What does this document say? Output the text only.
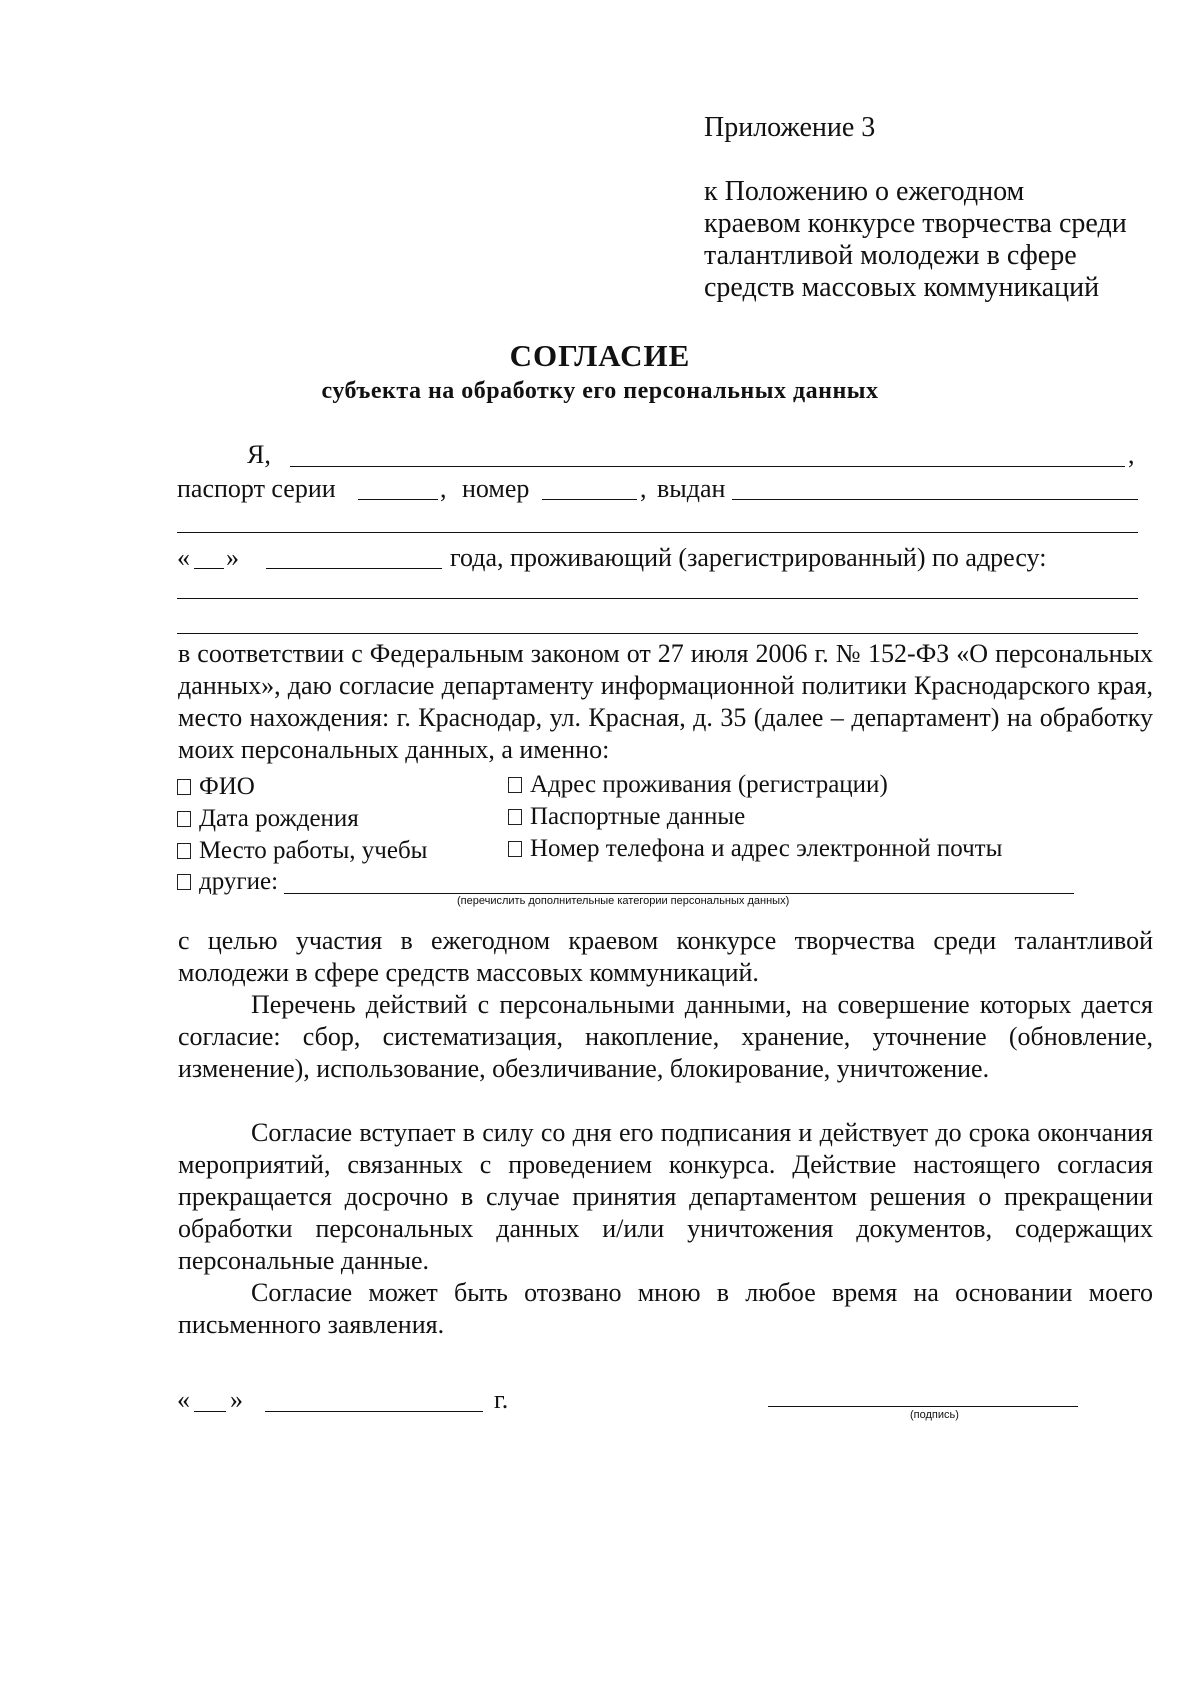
Приложение 3
к Положению о ежегодном
краевом конкурсе творчества среди
талантливой молодежи в сфере
средств массовых коммуникаций
СОГЛАСИЕ
субъекта на обработку его персональных данных
Я,	,
паспорт серии	, номер	, выдан
« »	года, проживающий (зарегистрированный) по адресу:
в соответствии с Федеральным законом от 27 июля 2006 г. № 152-ФЗ «О персональных данных», даю согласие департаменту информационной политики Краснодарского края, место нахождения: г. Краснодар, ул. Красная, д. 35 (далее – департамент) на обработку моих персональных данных, а именно:
ФИО
Дата рождения
Место работы, учебы
Адрес проживания (регистрации)
Паспортные данные
Номер телефона и адрес электронной почты
другие:
(перечислить дополнительные категории персональных данных)
с целью участия в ежегодном краевом конкурсе творчества среди талантливой молодежи в сфере средств массовых коммуникаций.
Перечень действий с персональными данными, на совершение которых дается согласие: сбор, систематизация, накопление, хранение, уточнение (обновление, изменение), использование, обезличивание, блокирование, уничтожение.
Согласие вступает в силу со дня его подписания и действует до срока окончания мероприятий, связанных с проведением конкурса. Действие настоящего согласия прекращается досрочно в случае принятия департаментом решения о прекращении обработки персональных данных и/или уничтожения документов, содержащих персональные данные.
Согласие может быть отозвано мною в любое время на основании моего письменного заявления.
« »	г.
(подпись)
